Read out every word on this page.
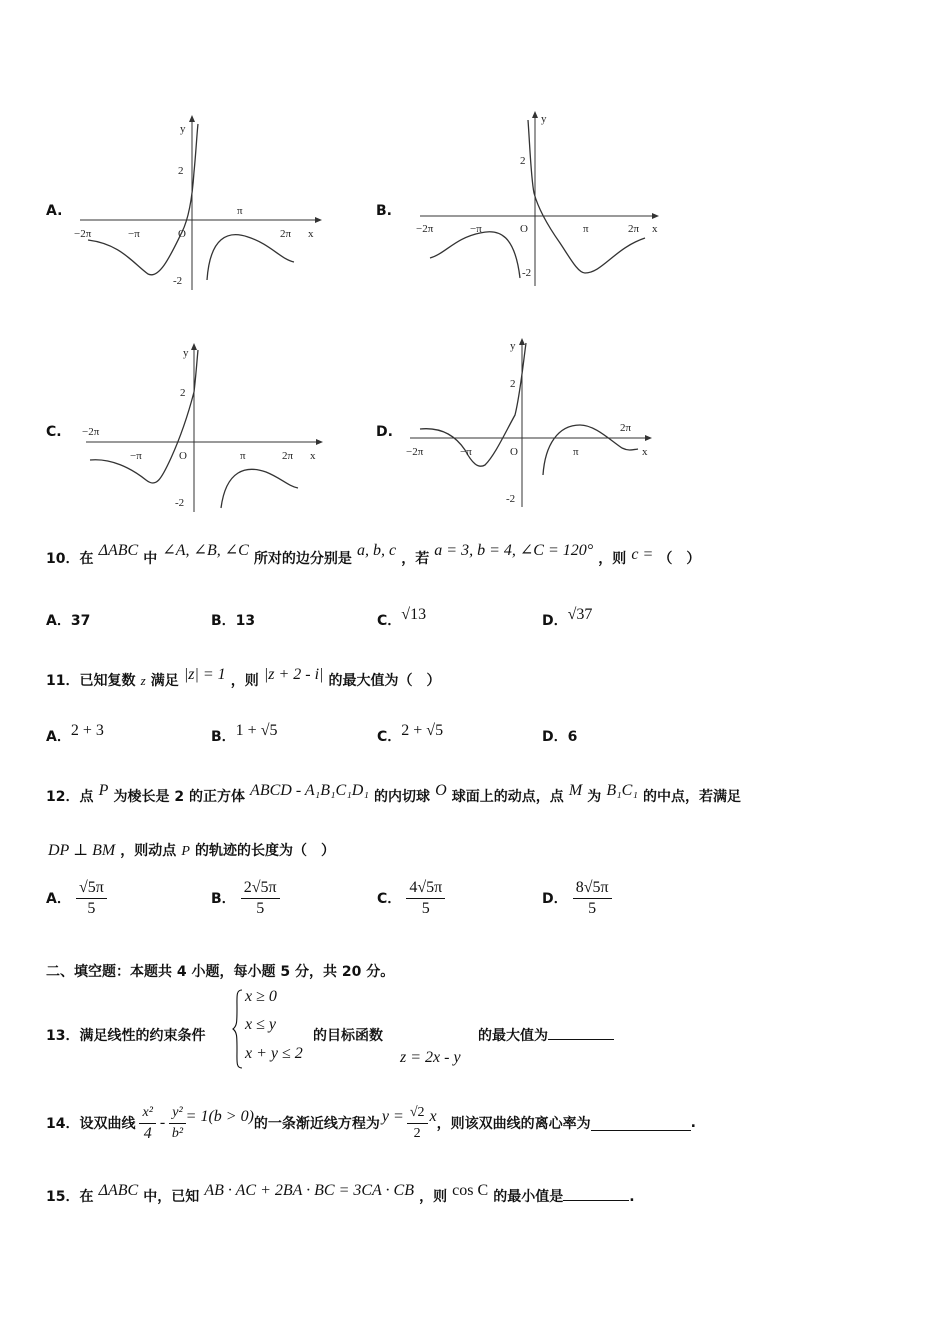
A.
y
2
-2
O
−2π	−π
π
2π x
B.
y
2
-2
O
−2π	−π	π	2π x
C.
y
2
-2
O
−2π
−π	π	2π x
D.
y
2
-2
O
−2π	−π	π
2π
x
10．在 ΔABC 中 ∠A, ∠B, ∠C 所对的边分别是 a, b, c ，若 a = 3, b = 4, ∠C = 120° ，则 c = （　）
A．37	B．13	C．√13	D．√37
11．已知复数 z 满足 |z| = 1 ，则 |z + 2 - i| 的最大值为（　）
A．2 + 3	B．1 + √5	C．2 + √5	D．6
12．点 P 为棱长是 2 的正方体 ABCD - A₁B₁C₁D₁ 的内切球 O 球面上的动点，点 M 为 B₁C₁ 的中点，若满足
DP ⊥ BM ，则动点 P 的轨迹的长度为（　）
A． $\frac{√5\pi}{5}$	B． $\frac{2√5\pi}{5}$	C． $\frac{4√5\pi}{5}$	D． $\frac{8√5\pi}{5}$
二、填空题：本题共 4 小题，每小题 5 分，共 20 分。
13．满足线性的约束条件
x ≥ 0
x ≤ y
x + y ≤ 2
的目标函数
z = 2x - y
的最大值为
14．设双曲线 $\frac{\text{x²}}{4} - \frac{\text{y²}}{\text{b²}} = 1(b > 0)$ 的一条渐近线方程为 $y = \frac{√2}{2}$ x ，则该双曲线的离心率为	.
15．在 ΔABC 中，已知 AB · AC + 2BA · BC = 3CA · CB ，则 cos C 的最小值是	.
